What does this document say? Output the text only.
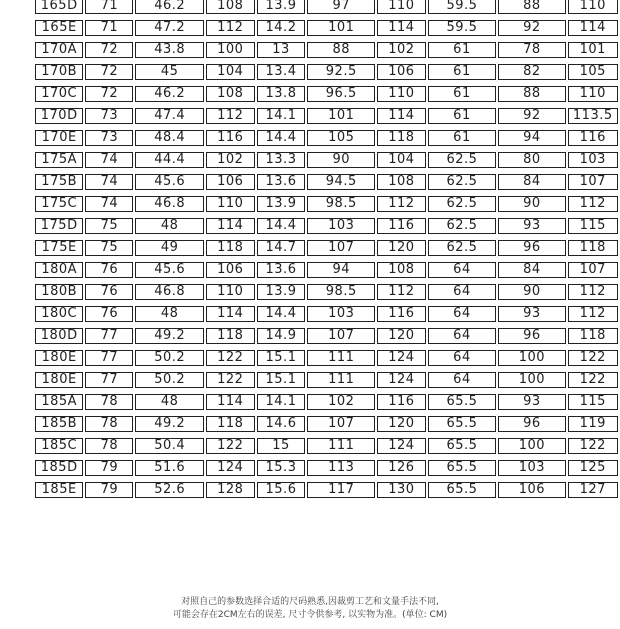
165D	71	46.2	108	13.9	97	110	59.5	88	110
165E	71	47.2	112	14.2	101	114	59.5	92	114
170A	72	43.8	100	13	88	102	61	78	101
170B	72	45	104	13.4	92.5	106	61	82	105
170C	72	46.2	108	13.8	96.5	110	61	88	110
170D	73	47.4	112	14.1	101	114	61	92	113.5
170E	73	48.4	116	14.4	105	118	61	94	116
175A	74	44.4	102	13.3	90	104	62.5	80	103
175B	74	45.6	106	13.6	94.5	108	62.5	84	107
175C	74	46.8	110	13.9	98.5	112	62.5	90	112
175D	75	48	114	14.4	103	116	62.5	93	115
175E	75	49	118	14.7	107	120	62.5	96	118
180A	76	45.6	106	13.6	94	108	64	84	107
180B	76	46.8	110	13.9	98.5	112	64	90	112
180C	76	48	114	14.4	103	116	64	93	112
180D	77	49.2	118	14.9	107	120	64	96	118
180E	77	50.2	122	15.1	111	124	64	100	122
180E	77	50.2	122	15.1	111	124	64	100	122
185A	78	48	114	14.1	102	116	65.5	93	115
185B	78	49.2	118	14.6	107	120	65.5	96	119
185C	78	50.4	122	15	111	124	65.5	100	122
185D	79	51.6	124	15.3	113	126	65.5	103	125
185E	79	52.6	128	15.6	117	130	65.5	106	127
对照自己的参数选择合适的尺码熟悉,因裁剪工艺和文量手法不同,
可能会存在2CM左右的误差, 尺寸令供参考, 以实物为准。(单位: CM)
